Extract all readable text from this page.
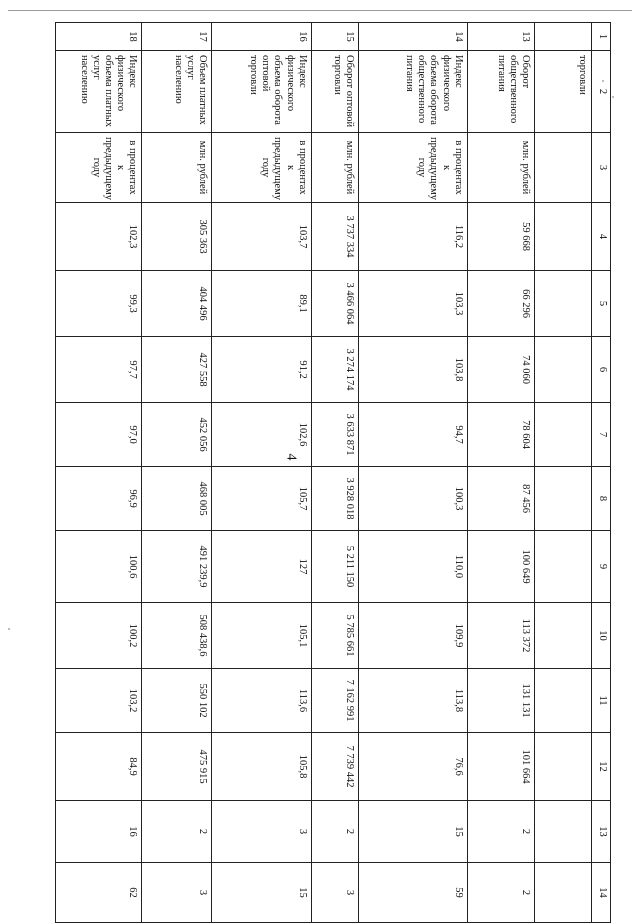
4
1	2	3	4	5	6	7	8	9	10	11	12	13	14
	торговли												
13	Оборот общественного питания	млн. рублей	59 668	66 296	74 060	78 604	87 456	100 649	113 372	131 131	101 664	2	2
14	Индекс физического объема оборота общественного питания	в процентах к предыдущему году	116,2	103,3	103,8	94,7	100,3	110,0	109,9	113,8	76,6	15	59
15	Оборот оптовой торговли	млн. рублей	3 737 334	3 466 064	3 274 174	3 633 871	3 928 018	5 211 150	5 785 661	7 162 991	7 739 442	2	3
16	Индекс физического объема оборота оптовой торговли	в процентах к предыдущему году	103,7	89,1	91,2	102,6	105,7	127	105,1	113,6	105,8	3	15
17	Объем платных услуг населению	млн. рублей	305 363	404 496	427 558	452 056	468 005	491 239,9	508 438,6	550 102	475 915	2	3
18	Индекс физического объема платных услуг населению	в процентах к предыдущему году	102,3	99,3	97,7	97,0	96,9	100,6	100,2	103,2	84,9	16	62
